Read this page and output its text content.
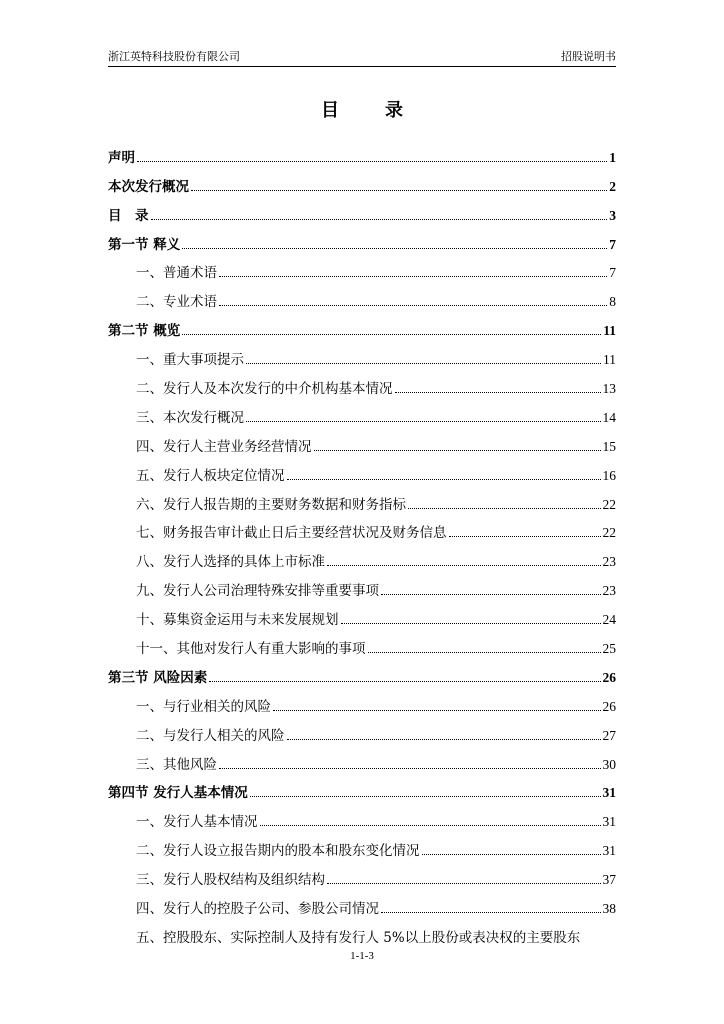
浙江英特科技股份有限公司	招股说明书
目　录
声明	1
本次发行概况	2
目　录	3
第一节 释义	7
一、普通术语	7
二、专业术语	8
第二节 概览	11
一、重大事项提示	11
二、发行人及本次发行的中介机构基本情况	13
三、本次发行概况	14
四、发行人主营业务经营情况	15
五、发行人板块定位情况	16
六、发行人报告期的主要财务数据和财务指标	22
七、财务报告审计截止日后主要经营状况及财务信息	22
八、发行人选择的具体上市标准	23
九、发行人公司治理特殊安排等重要事项	23
十、募集资金运用与未来发展规划	24
十一、其他对发行人有重大影响的事项	25
第三节 风险因素	26
一、与行业相关的风险	26
二、与发行人相关的风险	27
三、其他风险	30
第四节 发行人基本情况	31
一、发行人基本情况	31
二、发行人设立报告期内的股本和股东变化情况	31
三、发行人股权结构及组织结构	37
四、发行人的控股子公司、参股公司情况	38
五、控股股东、实际控制人及持有发行人 5%以上股份或表决权的主要股东
1-1-3
